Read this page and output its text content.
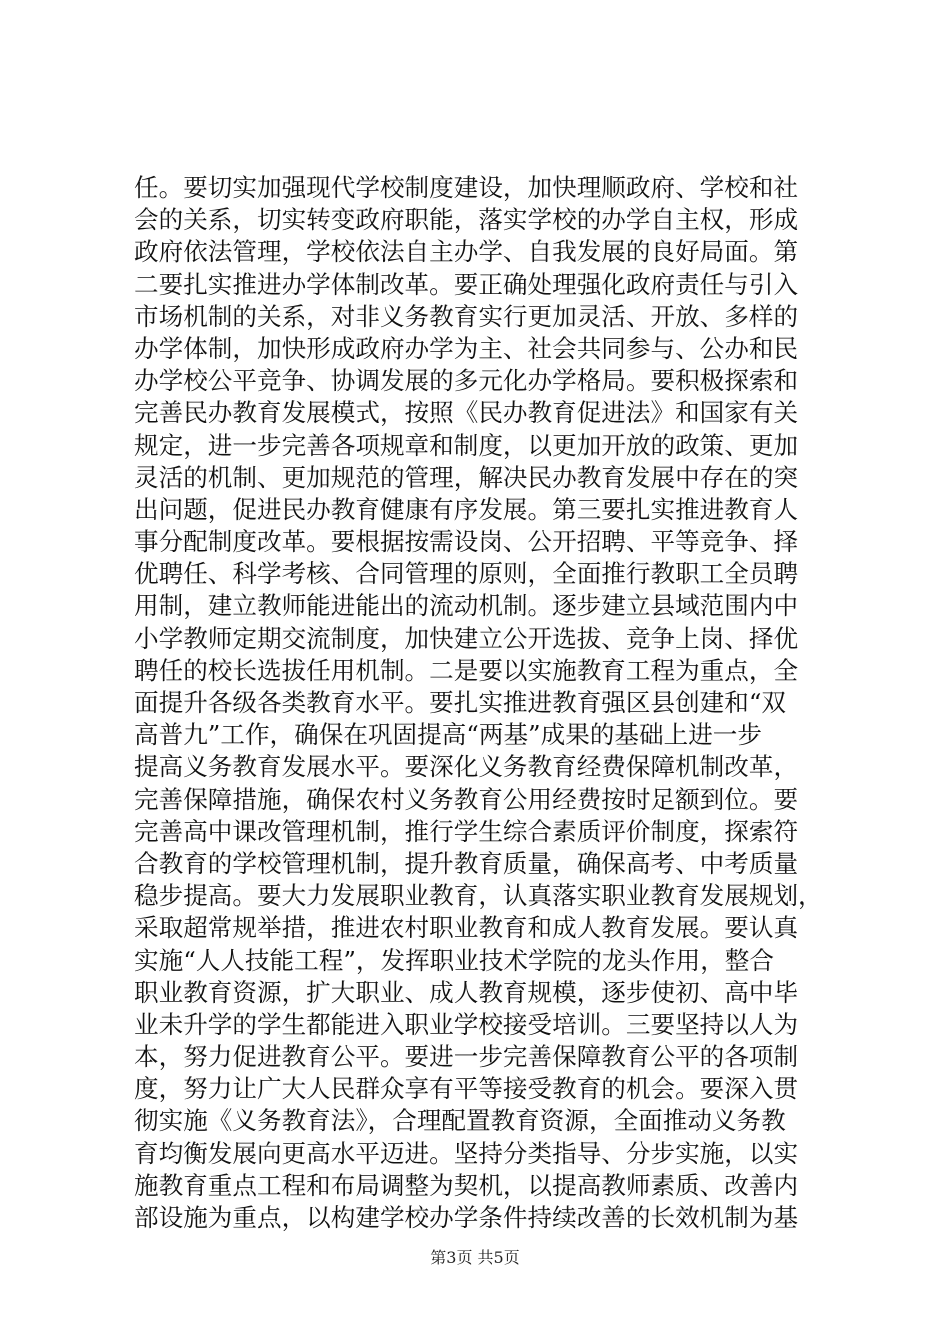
任。要切实加强现代学校制度建设，加快理顺政府、学校和社
会的关系，切实转变政府职能，落实学校的办学自主权，形成
政府依法管理，学校依法自主办学、自我发展的良好局面。第
二要扎实推进办学体制改革。要正确处理强化政府责任与引入
市场机制的关系，对非义务教育实行更加灵活、开放、多样的
办学体制，加快形成政府办学为主、社会共同参与、公办和民
办学校公平竞争、协调发展的多元化办学格局。要积极探索和
完善民办教育发展模式，按照《民办教育促进法》和国家有关
规定，进一步完善各项规章和制度，以更加开放的政策、更加
灵活的机制、更加规范的管理，解决民办教育发展中存在的突
出问题，促进民办教育健康有序发展。第三要扎实推进教育人
事分配制度改革。要根据按需设岗、公开招聘、平等竞争、择
优聘任、科学考核、合同管理的原则，全面推行教职工全员聘
用制，建立教师能进能出的流动机制。逐步建立县域范围内中
小学教师定期交流制度，加快建立公开选拔、竞争上岗、择优
聘任的校长选拔任用机制。二是要以实施教育工程为重点，全
面提升各级各类教育水平。要扎实推进教育强区县创建和“双
高普九”工作，确保在巩固提高“两基”成果的基础上进一步
提高义务教育发展水平。要深化义务教育经费保障机制改革，
完善保障措施，确保农村义务教育公用经费按时足额到位。要
完善高中课改管理机制，推行学生综合素质评价制度，探索符
合教育的学校管理机制，提升教育质量，确保高考、中考质量
稳步提高。要大力发展职业教育，认真落实职业教育发展规划，
采取超常规举措，推进农村职业教育和成人教育发展。要认真
实施“人人技能工程”，发挥职业技术学院的龙头作用，整合
职业教育资源，扩大职业、成人教育规模，逐步使初、高中毕
业未升学的学生都能进入职业学校接受培训。三要坚持以人为
本，努力促进教育公平。要进一步完善保障教育公平的各项制
度，努力让广大人民群众享有平等接受教育的机会。要深入贯
彻实施《义务教育法》，合理配置教育资源，全面推动义务教
育均衡发展向更高水平迈进。坚持分类指导、分步实施，以实
施教育重点工程和布局调整为契机，以提高教师素质、改善内
部设施为重点，以构建学校办学条件持续改善的长效机制为基
第3页 共5页
